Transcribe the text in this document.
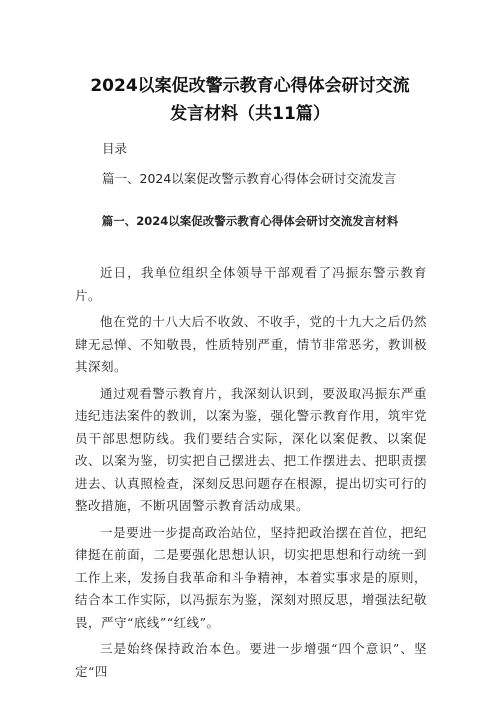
2024以案促改警示教育心得体会研讨交流
发言材料（共11篇）
目录
篇一、2024以案促改警示教育心得体会研讨交流发言
篇一、2024以案促改警示教育心得体会研讨交流发言材料

近日，我单位组织全体领导干部观看了冯振东警示教育片。

他在党的十八大后不收敛、不收手，党的十九大之后仍然肆无忌惮、不知敬畏，性质特别严重，情节非常恶劣，教训极其深刻。

通过观看警示教育片，我深刻认识到，要汲取冯振东严重违纪违法案件的教训，以案为鉴，强化警示教育作用，筑牢党员干部思想防线。我们要结合实际，深化以案促教、以案促改、以案为鉴，切实把自己摆进去、把工作摆进去、把职责摆进去、认真照检查，深刻反思问题存在根源，提出切实可行的整改措施，不断巩固警示教育活动成果。

一是要进一步提高政治站位，坚持把政治摆在首位，把纪律挺在前面，二是要强化思想认识，切实把思想和行动统一到工作上来，发扬自我革命和斗争精神，本着实事求是的原则，结合本工作实际，以冯振东为鉴，深刻对照反思，增强法纪敬畏，严守“底线”“红线”。

三是始终保持政治本色。要进一步增强“四个意识”、坚定“四
